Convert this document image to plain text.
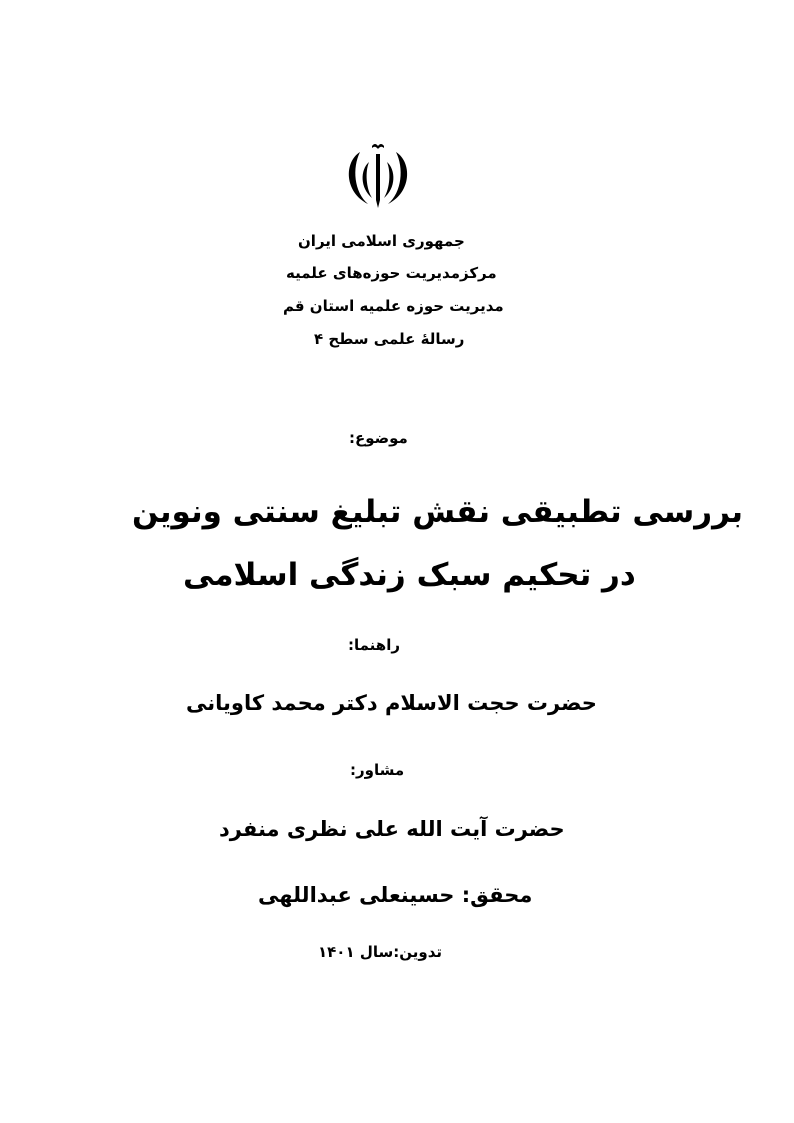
جمهوری اسلامی ایران
مرکزمدیریت حوزه‌های علمیه
مدیریت حوزه علمیه استان قم
رسالۀ علمی سطح ۴
موضوع:
بررسی تطبیقی نقش تبلیغ سنتی ونوین
در تحکیم سبک زندگی اسلامی
راهنما:
حضرت حجت الاسلام دکتر محمد کاویانی
مشاور:
حضرت آیت الله علی نظری منفرد
محقق: حسینعلی عبداللهی
تدوین:سال ۱۴۰۱
